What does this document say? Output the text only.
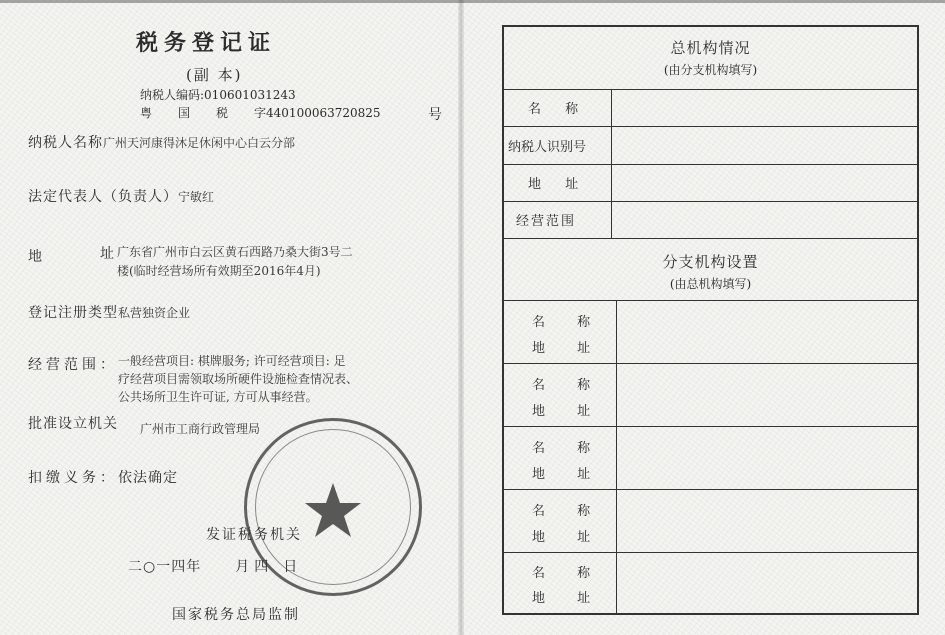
税务登记证
(副 本)
纳税人编码:010601031243
粤国税字440100063720825	号
纳税人名称广州天河康得沐足休闲中心白云分部
法定代表人（负责人）宁敏红
地	址 广东省广州市白云区黄石西路乃桑大街3号二
楼(临时经营场所有效期至2016年4月)
登记注册类型私营独资企业
经营范围： 一般经营项目: 棋牌服务; 许可经营项目: 足
疗经营项目需领取场所硬件设施检查情况表、
公共场所卫生许可证, 方可从事经营。
批准设立机关 广州市工商行政管理局
扣缴义务：依法确定
广州市国家税务局
发证税务机关
二○一四年 月 四 日
国家税务总局监制
总机构情况
(由分支机构填写)
名 称
纳税人识别号
地 址
经营范围
分支机构设置
(由总机构填写)
名 称
地 址
名 称
地 址
名 称
地 址
名 称
地 址
名 称
地 址
